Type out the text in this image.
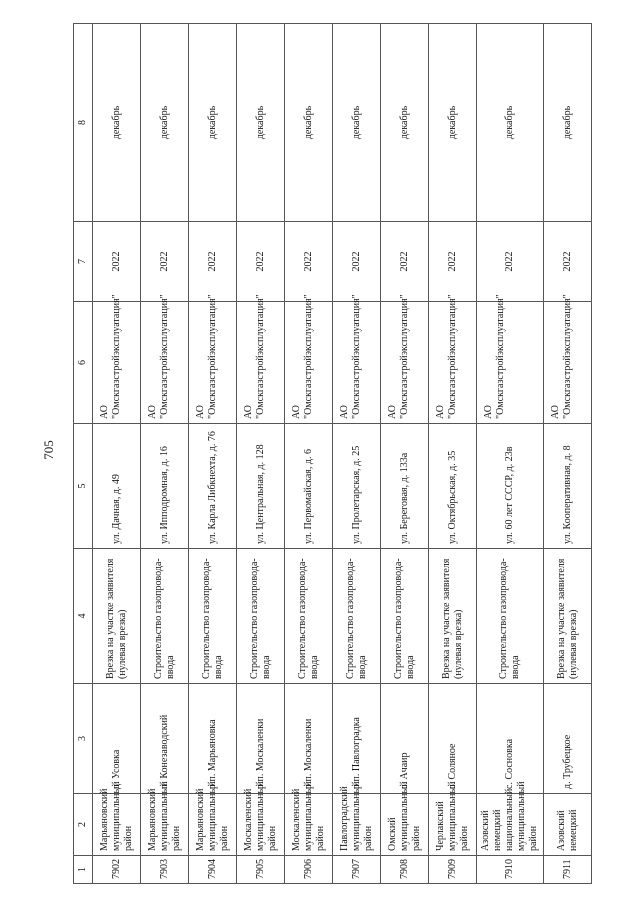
705
1	2	3	4	5	6	7	8
7902	Марьяновский муниципальный район	д. Усовка	Врезка на участке заявителя (нулевая врезка)	ул. Дачная, д. 49	АО "Омскгазстройэксплуатация"	2022	декабрь
7903	Марьяновский муниципальный район	п. Конезаводский	Строительство газопровода-ввода	ул. Ипподромная, д. 16	АО "Омскгазстройэксплуатация"	2022	декабрь
7904	Марьяновский муниципальный район	р.п. Марьяновка	Строительство газопровода-ввода	ул. Карла Либкнехта, д. 76	АО "Омскгазстройэксплуатация"	2022	декабрь
7905	Москаленский муниципальный район	р.п. Москаленки	Строительство газопровода-ввода	ул. Центральная, д. 128	АО "Омскгазстройэксплуатация"	2022	декабрь
7906	Москаленский муниципальный район	р.п. Москаленки	Строительство газопровода-ввода	ул. Первомайская, д. 6	АО "Омскгазстройэксплуатация"	2022	декабрь
7907	Павлоградский муниципальный район	р.п. Павлоградка	Строительство газопровода-ввода	ул. Пролетарская, д. 25	АО "Омскгазстройэксплуатация"	2022	декабрь
7908	Омский муниципальный район	с. Ачаир	Строительство газопровода-ввода	ул. Береговая, д. 133а	АО "Омскгазстройэксплуатация"	2022	декабрь
7909	Черлакский муниципальный район	с. Соляное	Врезка на участке заявителя (нулевая врезка)	ул. Октябрьская, д. 35	АО "Омскгазстройэксплуатация"	2022	декабрь
7910	Азовский немецкий национальный муниципальный район	с. Сосновка	Строительство газопровода-ввода	ул. 60 лет СССР, д. 23в	АО "Омскгазстройэксплуатация"	2022	декабрь
7911	Азовский немецкий	д. Трубецкое	Врезка на участке заявителя (нулевая врезка)	ул. Кооперативная, д. 8	АО "Омскгазстройэксплуатация"	2022	декабрь
